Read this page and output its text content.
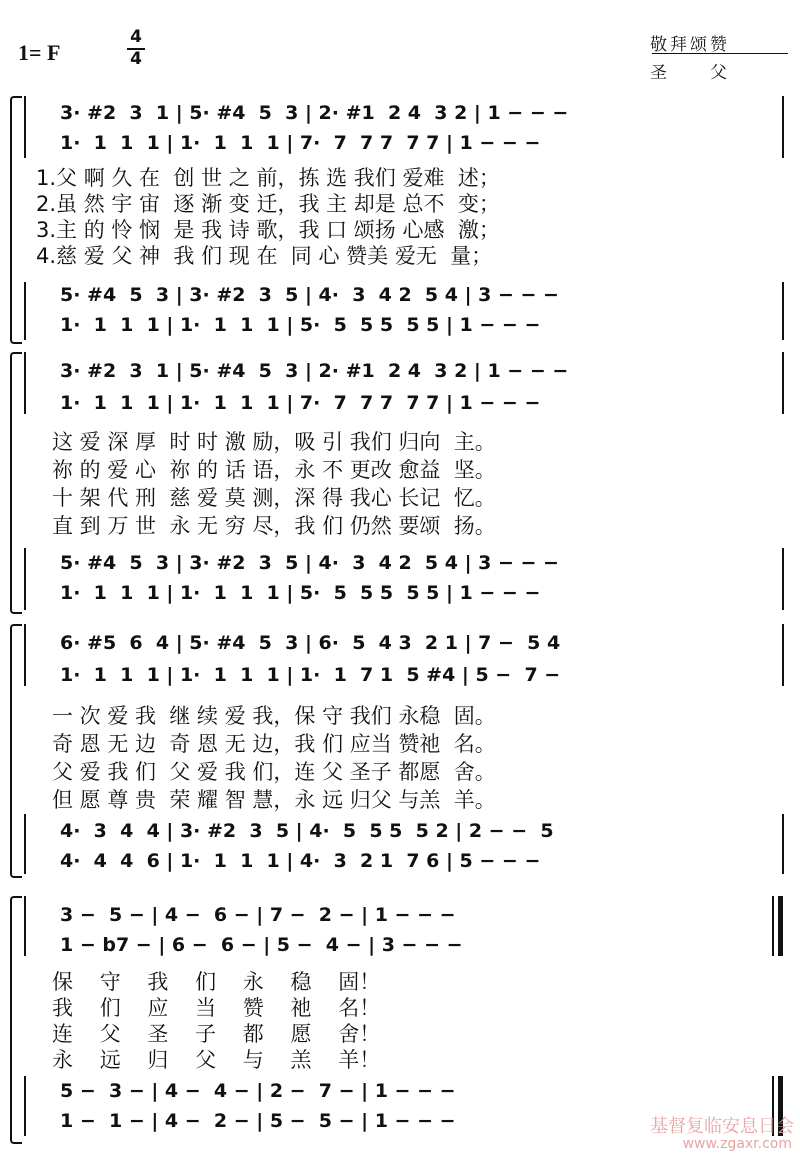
1= F
4
4
敬拜颂赞
圣　　父
3· #2  3  1 | 5· #4  5  3 | 2· #1  2 4  3 2 | 1 − − −
1·  1  1  1 | 1·  1  1  1 | 7·  7  7 7  7 7 | 1 − − −
1.父 啊 久 在  创 世 之 前，拣 选 我们 爱难  述；
2.虽 然 宇 宙  逐 渐 变 迁，我 主 却是 总不  变；
3.主 的 怜 悯  是 我 诗 歌，我 口 颂扬 心感  激；
4.慈 爱 父 神  我 们 现 在  同 心 赞美 爱无  量；
5· #4  5  3 | 3· #2  3  5 | 4·  3  4 2  5 4 | 3 − − −
1·  1  1  1 | 1·  1  1  1 | 5·  5  5 5  5 5 | 1 − − −
3· #2  3  1 | 5· #4  5  3 | 2· #1  2 4  3 2 | 1 − − −
1·  1  1  1 | 1·  1  1  1 | 7·  7  7 7  7 7 | 1 − − −
这 爱 深 厚  时 时 激 励，吸 引 我们 归向  主。
祢 的 爱 心  祢 的 话 语，永 不 更改 愈益  坚。
十 架 代 刑  慈 爱 莫 测，深 得 我心 长记  忆。
直 到 万 世  永 无 穷 尽，我 们 仍然 要颂  扬。
5· #4  5  3 | 3· #2  3  5 | 4·  3  4 2  5 4 | 3 − − −
1·  1  1  1 | 1·  1  1  1 | 5·  5  5 5  5 5 | 1 − − −
6· #5  6  4 | 5· #4  5  3 | 6·  5  4 3  2 1 | 7 −  5 4
1·  1  1  1 | 1·  1  1  1 | 1·  1  7 1  5 #4 | 5 −  7 −
一 次 爱 我  继 续 爱 我，保 守 我们 永稳  固。
奇 恩 无 边  奇 恩 无 边，我 们 应当 赞祂  名。
父 爱 我 们  父 爱 我 们，连 父 圣子 都愿  舍。
但 愿 尊 贵  荣 耀 智 慧，永 远 归父 与羔  羊。
4·  3  4  4 | 3· #2  3  5 | 4·  5  5 5  5 2 | 2 − −  5
4·  4  4  6 | 1·  1  1  1 | 4·  3  2 1  7 6 | 5 − − −
3 −  5 − | 4 −  6 − | 7 −  2 − | 1 − − −
1 − b7 − | 6 −  6 − | 5 −  4 − | 3 − − −
保    守    我    们    永    稳    固！
我    们    应    当    赞    祂    名！
连    父    圣    子    都    愿    舍！
永    远    归    父    与    羔    羊！
5 −  3 − | 4 −  4 − | 2 −  7 − | 1 − − −
1 −  1 − | 4 −  2 − | 5 −  5 − | 1 − − −	基督复临安息日会
www.zgaxr.com
